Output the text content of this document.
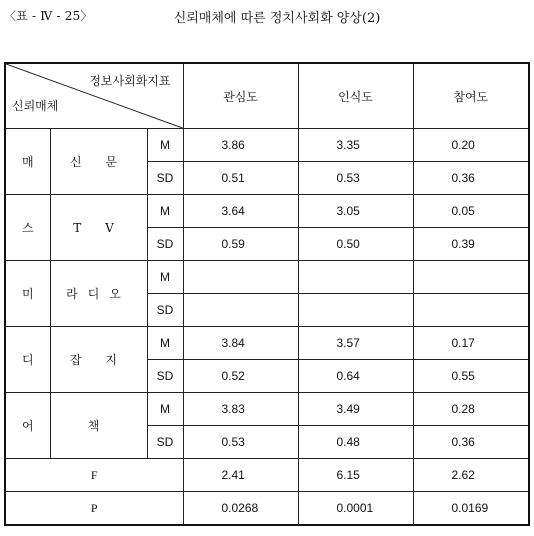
〈표 - Ⅳ - 25〉	신뢰매체에 따른 정치사회화 양상(2)
정보사회화지표
신뢰매체			관심도	인식도	참여도
매	신 문	M	3.86	3.35	0.20
		SD	0.51	0.53	0.36
스	T V	M	3.64	3.05	0.05
		SD	0.59	0.50	0.39
미	라디오	M			
		SD			
디	잡 지	M	3.84	3.57	0.17
		SD	0.52	0.64	0.55
어	책	M	3.83	3.49	0.28
		SD	0.53	0.48	0.36
F			2.41	6.15	2.62
P			0.0268	0.0001	0.0169
